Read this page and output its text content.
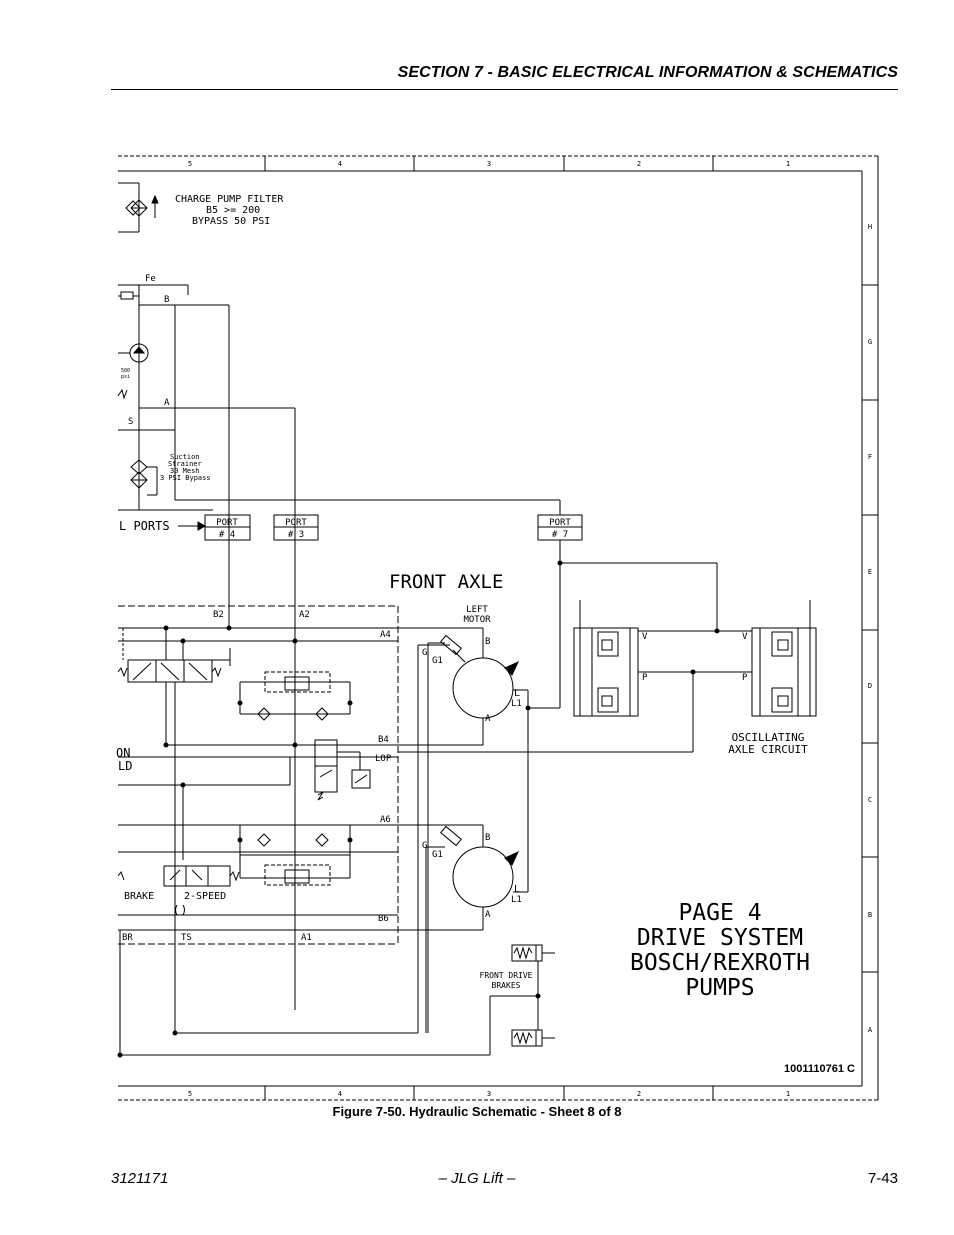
SECTION 7 - BASIC ELECTRICAL INFORMATION & SCHEMATICS
5	4	3	2	1
5	4	3	2	1
H
G
F
E
D
C
B
A
CHARGE PUMP FILTER
B5 >= 200
BYPASS 50 PSI
Fe
B
A
S
500
psi
Suction
Strainer
30 Mesh
3 PSI Bypass
L PORTS	PORT
# 4
PORT
# 3
PORT
# 7
FRONT AXLE
BRAKE	2-SPEED
B2	A2
A4
B4
LOP
A6
B6
BR	TS	A1
ON
LD
LEFT
MOTOR
B
G
G1
L
L1
A
B
G
G1
L
L1
A
V	V
P	P
OSCILLATING
AXLE CIRCUIT
FRONT DRIVE
BRAKES
PAGE 4
DRIVE SYSTEM
BOSCH/REXROTH
PUMPS
1001110761 C
Figure 7-50. Hydraulic Schematic - Sheet 8 of 8
3121171	– JLG Lift –	7-43
